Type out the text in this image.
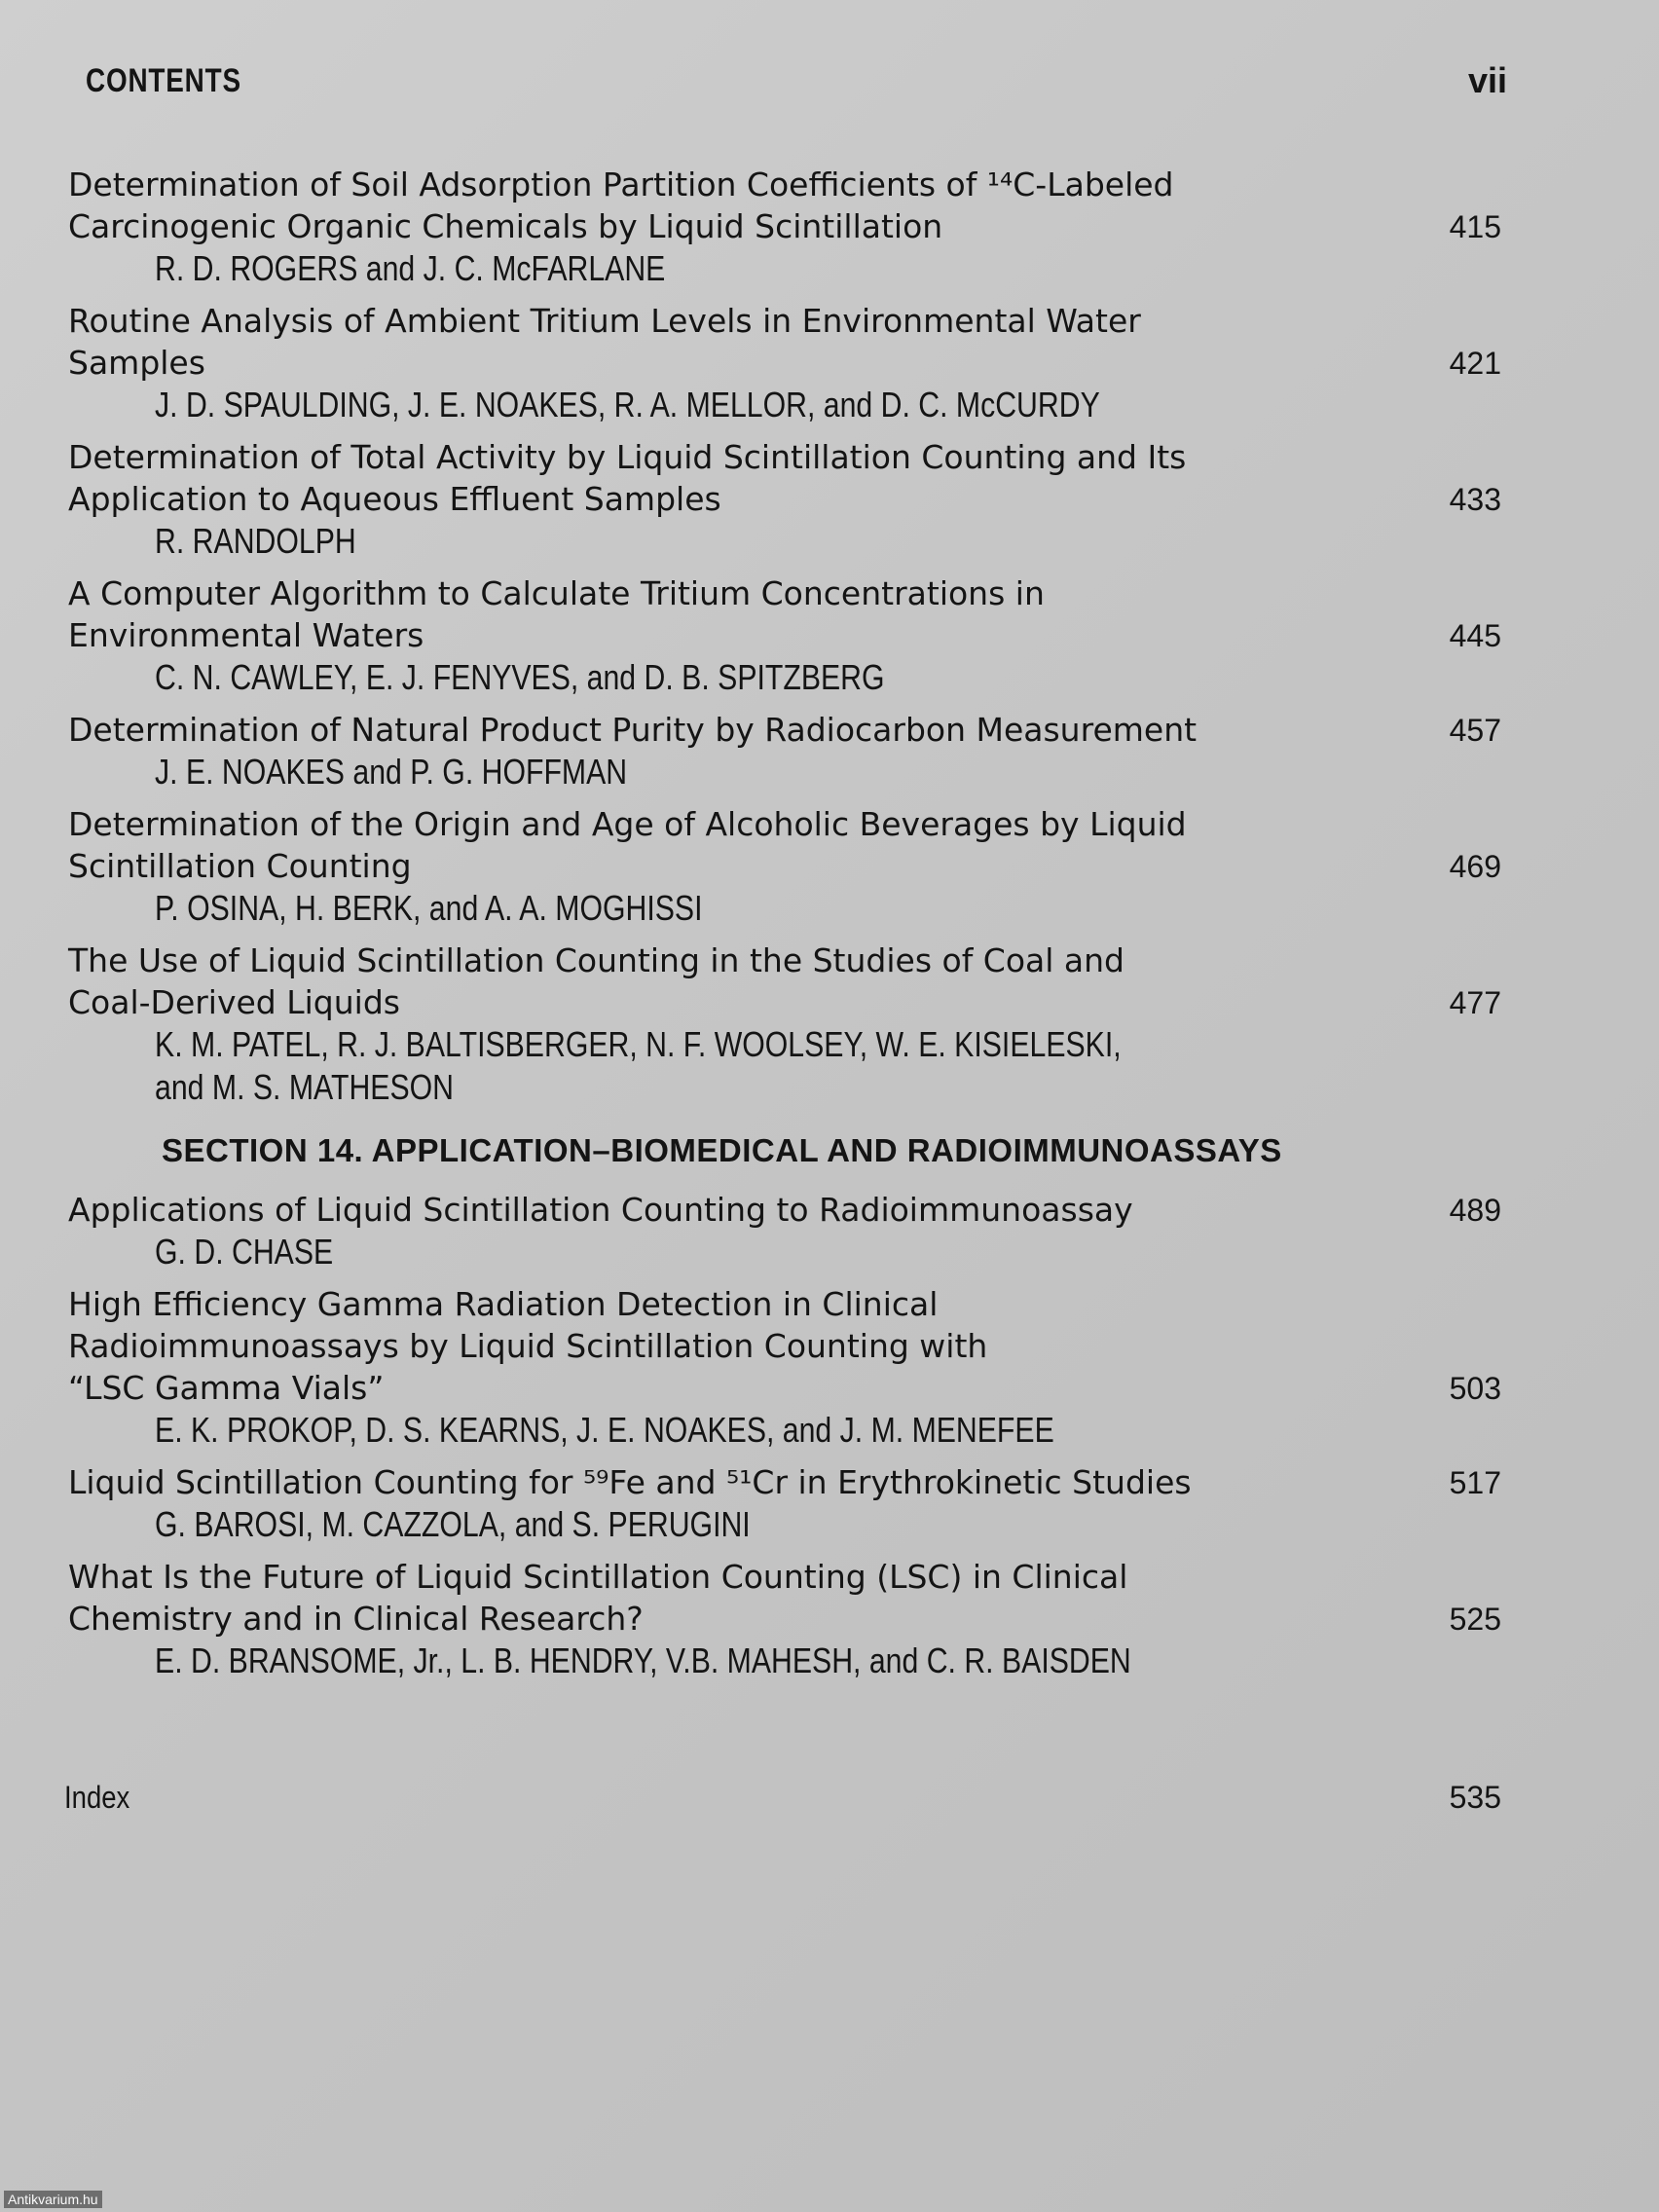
CONTENTS	vii
Determination of Soil Adsorption Partition Coefficients of ¹⁴C-Labeled
Carcinogenic Organic Chemicals by Liquid Scintillation
R. D. ROGERS and J. C. McFARLANE
415
Routine Analysis of Ambient Tritium Levels in Environmental Water
Samples
J. D. SPAULDING, J. E. NOAKES, R. A. MELLOR, and D. C. McCURDY
421
Determination of Total Activity by Liquid Scintillation Counting and Its
Application to Aqueous Effluent Samples
R. RANDOLPH
433
A Computer Algorithm to Calculate Tritium Concentrations in
Environmental Waters
C. N. CAWLEY, E. J. FENYVES, and D. B. SPITZBERG
445
Determination of Natural Product Purity by Radiocarbon Measurement
J. E. NOAKES and P. G. HOFFMAN
457
Determination of the Origin and Age of Alcoholic Beverages by Liquid
Scintillation Counting
P. OSINA, H. BERK, and A. A. MOGHISSI
469
The Use of Liquid Scintillation Counting in the Studies of Coal and
Coal-Derived Liquids
K. M. PATEL, R. J. BALTISBERGER, N. F. WOOLSEY, W. E. KISIELESKI,
and M. S. MATHESON
477
SECTION 14. APPLICATION–BIOMEDICAL AND RADIOIMMUNOASSAYS
Applications of Liquid Scintillation Counting to Radioimmunoassay
G. D. CHASE
489
High Efficiency Gamma Radiation Detection in Clinical
Radioimmunoassays by Liquid Scintillation Counting with
“LSC Gamma Vials”
E. K. PROKOP, D. S. KEARNS, J. E. NOAKES, and J. M. MENEFEE
503
Liquid Scintillation Counting for ⁵⁹Fe and ⁵¹Cr in Erythrokinetic Studies
G. BAROSI, M. CAZZOLA, and S. PERUGINI
517
What Is the Future of Liquid Scintillation Counting (LSC) in Clinical
Chemistry and in Clinical Research?
E. D. BRANSOME, Jr., L. B. HENDRY, V.B. MAHESH, and C. R. BAISDEN
525
Index	535
Antikvarium.hu
